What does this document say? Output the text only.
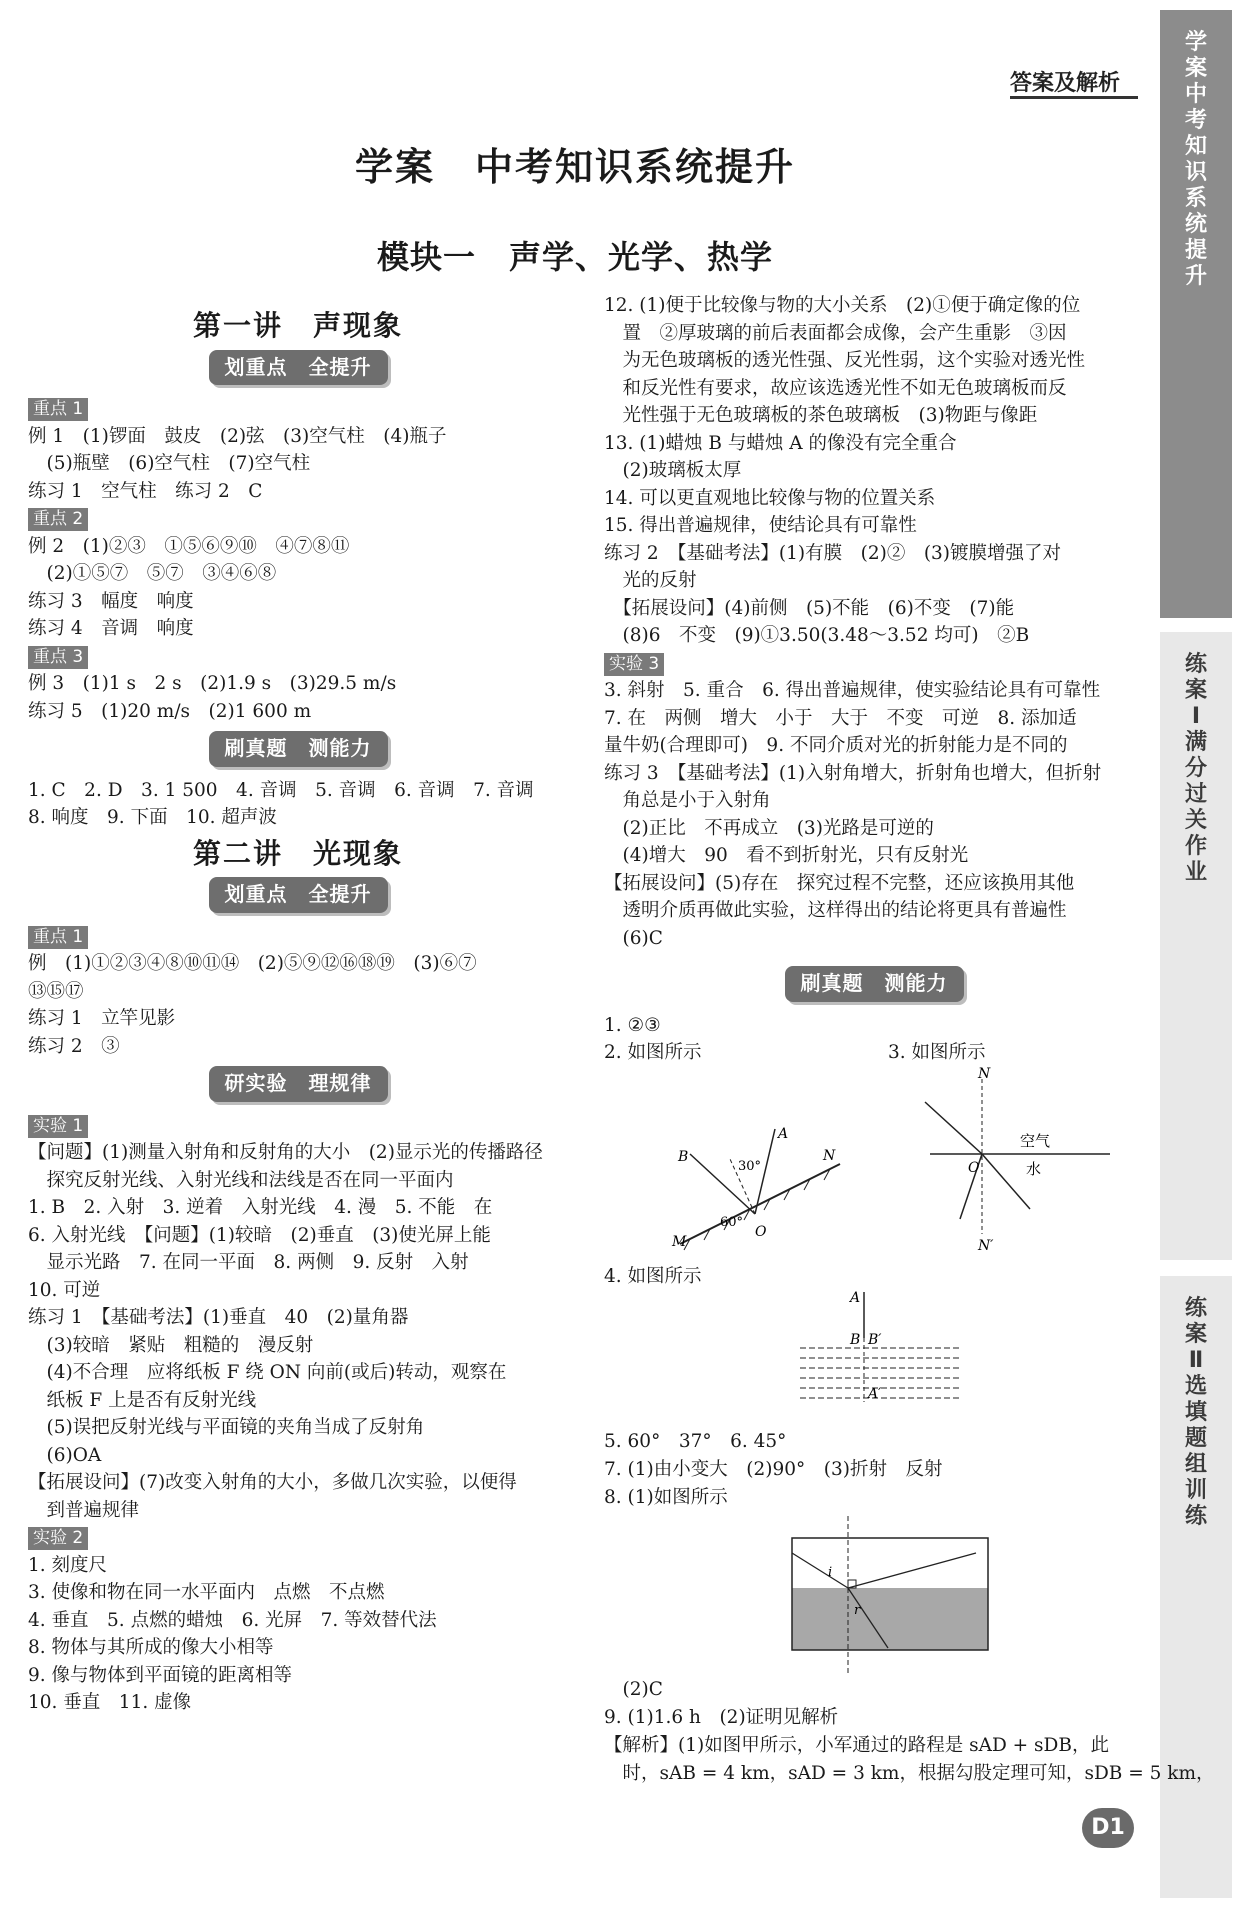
答案及解析
学案　中考知识系统提升
模块一　声学、光学、热学
学案　中考知识系统提升
练案Ⅰ　满分过关作业
练案Ⅱ　选填题组训练
第一讲　声现象
划重点　全提升
重点 1
例 1　(1)锣面　鼓皮　(2)弦　(3)空气柱　(4)瓶子
　(5)瓶壁　(6)空气柱　(7)空气柱
练习 1　空气柱　练习 2　C
重点 2
例 2　(1)②③　①⑤⑥⑨⑩　④⑦⑧⑪
　(2)①⑤⑦　⑤⑦　③④⑥⑧
练习 3　幅度　响度
练习 4　音调　响度
重点 3
例 3　(1)1 s　2 s　(2)1.9 s　(3)29.5 m/s
练习 5　(1)20 m/s　(2)1 600 m
刷真题　测能力
1. C　2. D　3. 1 500　4. 音调　5. 音调　6. 音调　7. 音调
8. 响度　9. 下面　10. 超声波
第二讲　光现象
划重点　全提升
重点 1
例　(1)①②③④⑧⑩⑪⑭　(2)⑤⑨⑫⑯⑱⑲　(3)⑥⑦
⑬⑮⑰
练习 1　立竿见影
练习 2　③
研实验　理规律
实验 1
【问题】(1)测量入射角和反射角的大小　(2)显示光的传播路径
　探究反射光线、入射光线和法线是否在同一平面内
1. B　2. 入射　3. 逆着　入射光线　4. 漫　5. 不能　在
6. 入射光线　【问题】(1)较暗　(2)垂直　(3)使光屏上能
　显示光路　7. 在同一平面　8. 两侧　9. 反射　入射
10. 可逆
练习 1　【基础考法】(1)垂直　40　(2)量角器
　(3)较暗　紧贴　粗糙的　漫反射
　(4)不合理　应将纸板 F 绕 ON 向前(或后)转动，观察在
　纸板 F 上是否有反射光线
　(5)误把反射光线与平面镜的夹角当成了反射角
　(6)OA
【拓展设问】(7)改变入射角的大小，多做几次实验，以便得
　到普遍规律
实验 2
1. 刻度尺
3. 使像和物在同一水平面内　点燃　不点燃
4. 垂直　5. 点燃的蜡烛　6. 光屏　7. 等效替代法
8. 物体与其所成的像大小相等
9. 像与物体到平面镜的距离相等
10. 垂直　11. 虚像
12. (1)便于比较像与物的大小关系　(2)①便于确定像的位
　置　②厚玻璃的前后表面都会成像，会产生重影　③因
　为无色玻璃板的透光性强、反光性弱，这个实验对透光性
　和反光性有要求，故应该选透光性不如无色玻璃板而反
　光性强于无色玻璃板的茶色玻璃板　(3)物距与像距
13. (1)蜡烛 B 与蜡烛 A 的像没有完全重合
　(2)玻璃板太厚
14. 可以更直观地比较像与物的位置关系
15. 得出普遍规律，使结论具有可靠性
练习 2　【基础考法】(1)有膜　(2)②　(3)镀膜增强了对
　光的反射
　【拓展设问】(4)前侧　(5)不能　(6)不变　(7)能
　(8)6　不变　(9)①3.50(3.48～3.52 均可)　②B
实验 3
3. 斜射　5. 重合　6. 得出普遍规律，使实验结论具有可靠性
7. 在　两侧　增大　小于　大于　不变　可逆　8. 添加适
量牛奶(合理即可)　9. 不同介质对光的折射能力是不同的
练习 3　【基础考法】(1)入射角增大，折射角也增大，但折射
　角总是小于入射角
　(2)正比　不再成立　(3)光路是可逆的
　(4)增大　90　看不到折射光，只有反射光
【拓展设问】(5)存在　探究过程不完整，还应该换用其他
　透明介质再做此实验，这样得出的结论将更具有普遍性
　(6)C
刷真题　测能力
1. ②③
2. 如图所示	3. 如图所示
A
B	N
M
O
30°
60°
N
N′
O
空气
水
4. 如图所示
A
B B′
A′
5. 60°　37°　6. 45°
7. (1)由小变大　(2)90°　(3)折射　反射
8. (1)如图所示
i
r
　(2)C
9. (1)1.6 h　(2)证明见解析
【解析】(1)如图甲所示，小军通过的路程是 sAD + sDB，此
　时，sAB = 4 km，sAD = 3 km，根据勾股定理可知，sDB = 5 km，
D1
